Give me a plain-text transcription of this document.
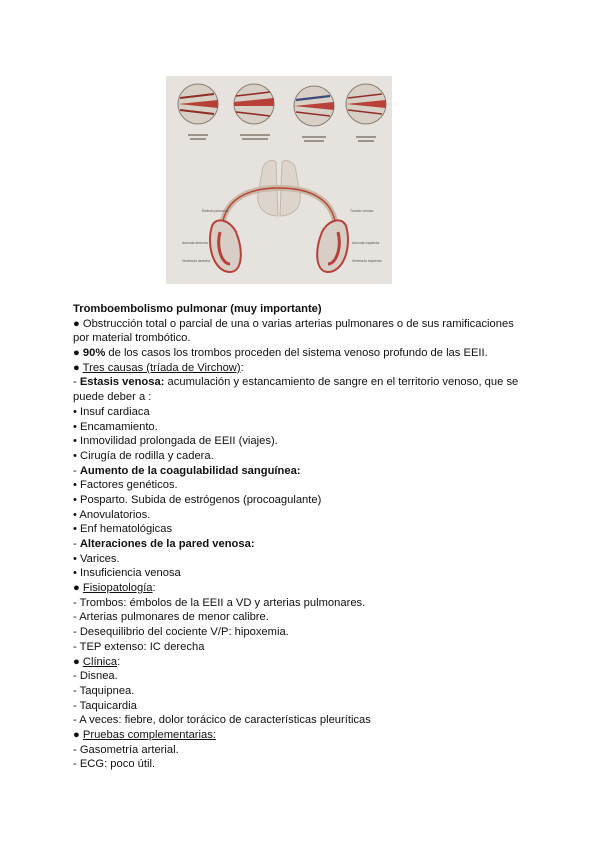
Émbolo pulmonar	Trombo venoso
Aurícula derecha
Ventrículo derecho
Aurícula izquierda
Ventrículo izquierdo
Tromboembolismo pulmonar (muy importante)
● Obstrucción total o parcial de una o varias arterias pulmonares o de sus ramificaciones
por material trombótico.
● 90% de los casos los trombos proceden del sistema venoso profundo de las EEII.
● Tres causas (tríada de Virchow):
- Estasis venosa: acumulación y estancamiento de sangre en el territorio venoso, que se
puede deber a :
• Insuf cardiaca
• Encamamiento.
• Inmovilidad prolongada de EEII (viajes).
• Cirugía de rodilla y cadera.
- Aumento de la coagulabilidad sanguínea:
• Factores genéticos.
• Posparto. Subida de estrógenos (procoagulante)
• Anovulatorios.
• Enf hematológicas
- Alteraciones de la pared venosa:
• Varices.
• Insuficiencia venosa
● Fisiopatología:
- Trombos: émbolos de la EEII a VD y arterias pulmonares.
- Arterias pulmonares de menor calibre.
- Desequilibrio del cociente V/P: hipoxemia.
- TEP extenso: IC derecha
● Clínica:
- Disnea.
- Taquipnea.
- Taquicardia
- A veces: fiebre, dolor torácico de características pleuríticas
● Pruebas complementarias:
- Gasometría arterial.
- ECG: poco útil.
